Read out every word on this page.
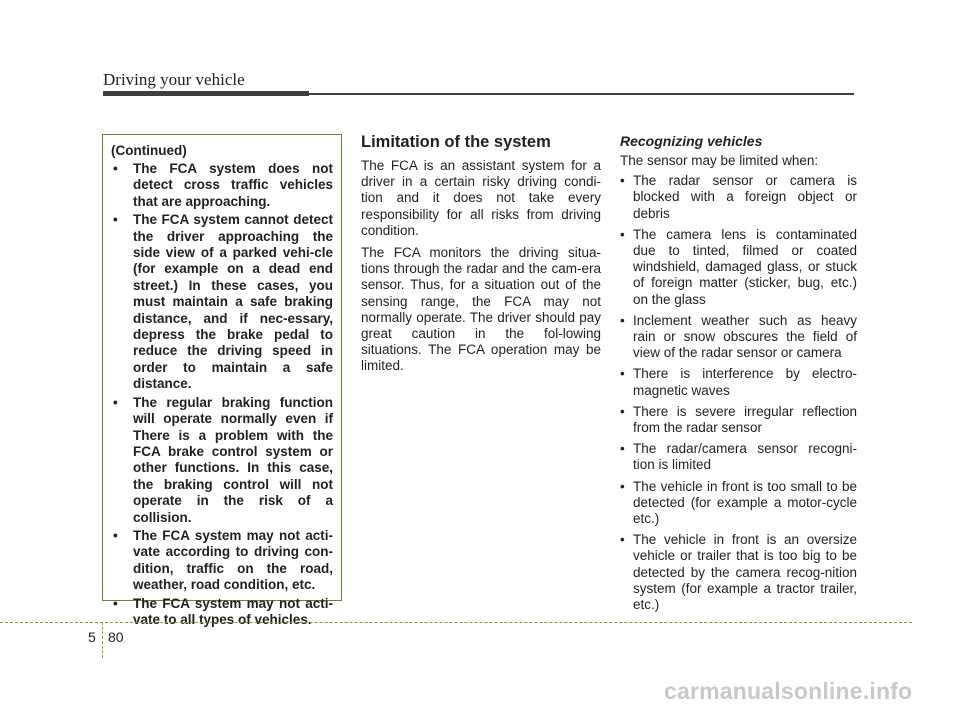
Driving your vehicle
(Continued)
• The FCA system does not detect cross traffic vehicles that are approaching.
• The FCA system cannot detect the driver approaching the side view of a parked vehi-cle (for example on a dead end street.) In these cases, you must maintain a safe braking distance, and if nec-essary, depress the brake pedal to reduce the driving speed in order to maintain a safe distance.
• The regular braking function will operate normally even if There is a problem with the FCA brake control system or other functions. In this case, the braking control will not operate in the risk of a collision.
• The FCA system may not acti-vate according to driving con-dition, traffic on the road, weather, road condition, etc.
• The FCA system may not acti-vate to all types of vehicles.
Limitation of the system

The FCA is an assistant system for a driver in a certain risky driving condi-tion and it does not take every responsibility for all risks from driving condition.

The FCA monitors the driving situa-tions through the radar and the cam-era sensor. Thus, for a situation out of the sensing range, the FCA may not normally operate. The driver should pay great caution in the fol-lowing situations. The FCA operation may be limited.

Recognizing vehicles

The sensor may be limited when:

• The radar sensor or camera is blocked with a foreign object or debris
• The camera lens is contaminated due to tinted, filmed or coated windshield, damaged glass, or stuck of foreign matter (sticker, bug, etc.) on the glass
• Inclement weather such as heavy rain or snow obscures the field of view of the radar sensor or camera
• There is interference by electro-magnetic waves
• There is severe irregular reflection from the radar sensor
• The radar/camera sensor recogni-tion is limited
• The vehicle in front is too small to be detected (for example a motor-cycle etc.)
• The vehicle in front is an oversize vehicle or trailer that is too big to be detected by the camera recog-nition system (for example a tractor trailer, etc.)
5 80
carmanualsonline.info
